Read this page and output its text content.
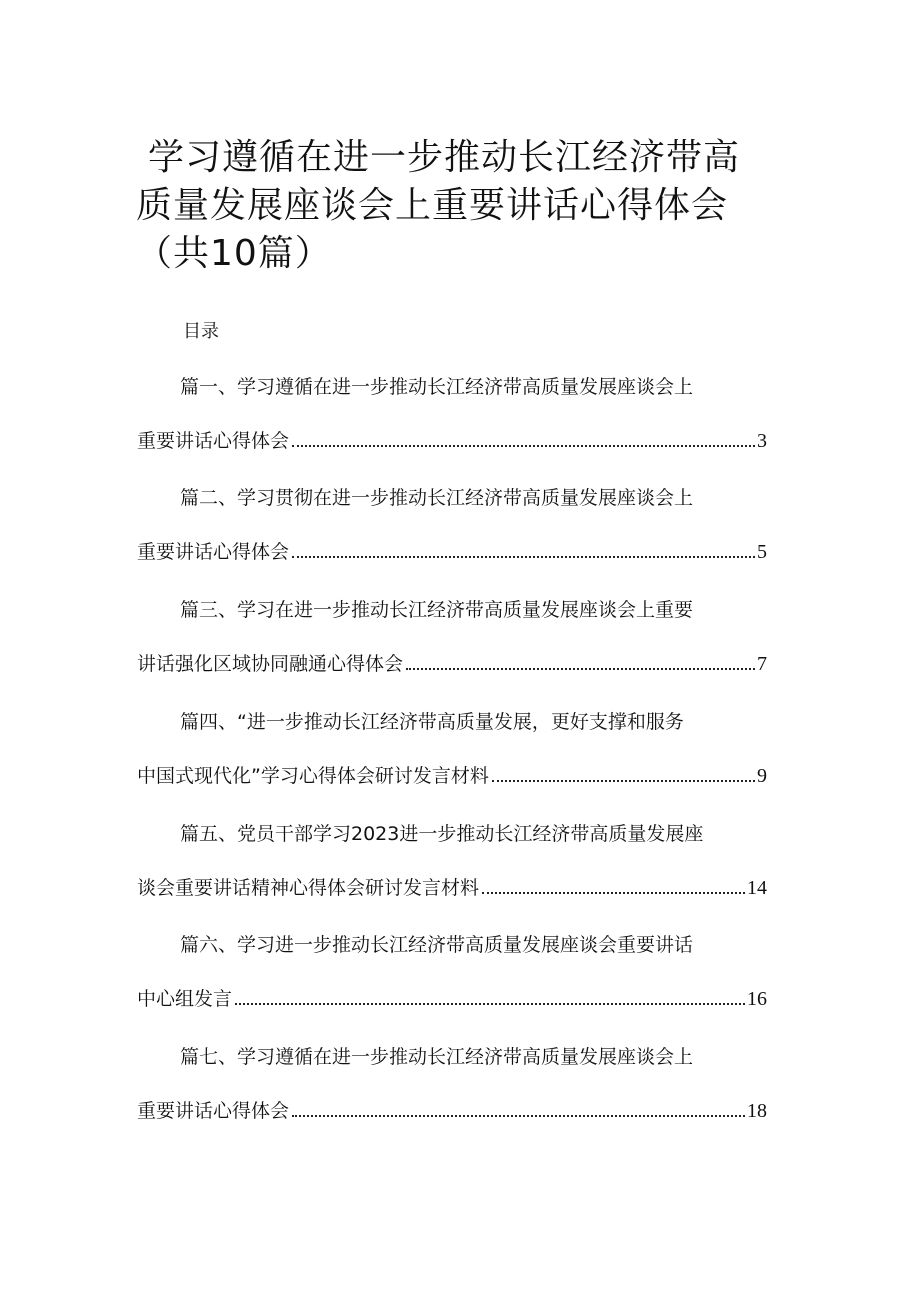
学习遵循在进一步推动长江经济带高质量发展座谈会上重要讲话心得体会（共10篇）
目录
篇一、学习遵循在进一步推动长江经济带高质量发展座谈会上
重要讲话心得体会	3
篇二、学习贯彻在进一步推动长江经济带高质量发展座谈会上
重要讲话心得体会	5
篇三、学习在进一步推动长江经济带高质量发展座谈会上重要
讲话强化区域协同融通心得体会	7
篇四、“进一步推动长江经济带高质量发展，更好支撑和服务
中国式现代化”学习心得体会研讨发言材料	9
篇五、党员干部学习2023进一步推动长江经济带高质量发展座
谈会重要讲话精神心得体会研讨发言材料	14
篇六、学习进一步推动长江经济带高质量发展座谈会重要讲话
中心组发言	16
篇七、学习遵循在进一步推动长江经济带高质量发展座谈会上
重要讲话心得体会	18
